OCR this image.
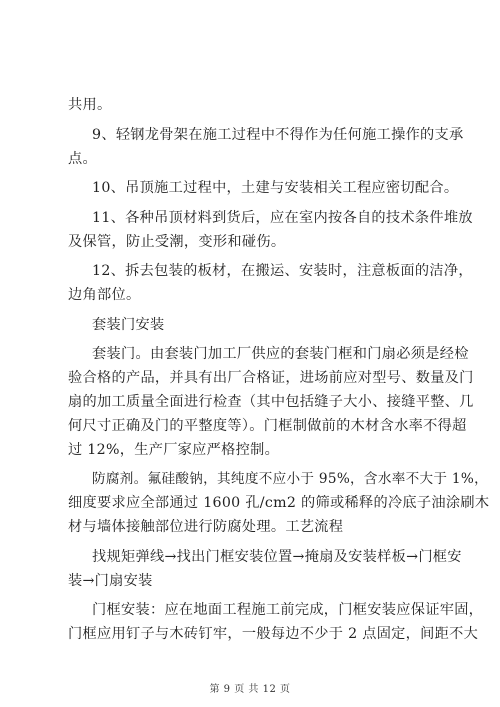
共用。
9、轻钢龙骨架在施工过程中不得作为任何施工操作的支承
点。
10、吊顶施工过程中，土建与安装相关工程应密切配合。
11、各种吊顶材料到货后，应在室内按各自的技术条件堆放
及保管，防止受潮，变形和碰伤。
12、拆去包装的板材，在搬运、安装时，注意板面的洁净，
边角部位。
套装门安装
套装门。由套装门加工厂供应的套装门框和门扇必须是经检
验合格的产品，并具有出厂合格证，进场前应对型号、数量及门
扇的加工质量全面进行检查（其中包括缝子大小、接缝平整、几
何尺寸正确及门的平整度等）。门框制做前的木材含水率不得超
过 12%，生产厂家应严格控制。
防腐剂。氟硅酸钠，其纯度不应小于 95%，含水率不大于 1%，
细度要求应全部通过 1600 孔/cm2 的筛或稀释的冷底子油涂刷木
材与墙体接触部位进行防腐处理。工艺流程
找规矩弹线→找出门框安装位置→掩扇及安装样板→门框安
装→门扇安装
门框安装：应在地面工程施工前完成，门框安装应保证牢固，
门框应用钉子与木砖钉牢，一般每边不少于 2 点固定，间距不大
第 9 页 共 12 页
